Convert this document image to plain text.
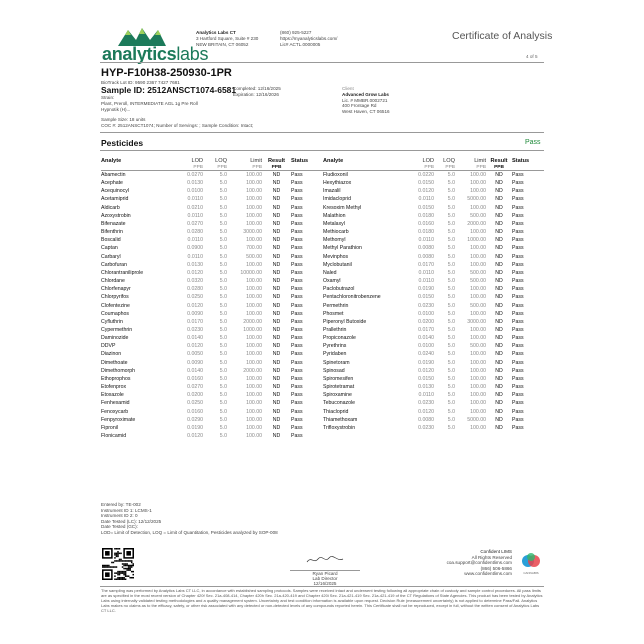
analyticslabs
Analytics Labs CT
3 Hartford Square, Suite # 230
NEW BRITAIN, CT 06052
(860) 925-5227
https://myanalyticslabs.com/
Lic# ACTL.0000005
Certificate of Analysis
4 of 5
HYP-F10H38-250930-1PR
BioTrack Lot ID: 9590 2367 7427 7681
Sample ID: 2512ANSCT1074-6581
Strain:
Plant, Preroll, INTERMEDIATE AGL 1g Pre Roll
Hypnotik (H)...
Completed: 12/16/2025
Expiration: 12/16/2026
Client
Advanced Grow Labs
Lic. # MMBR.0002721
400 Frontage Rd
West Haven, CT 06516
Sample Size: 18 units
COC #: 2512ANSCT1074; Number of Servings: ; Sample Condition: Intact;
Pesticides	Pass
Analyte	LOD	LOQ	Limit	Result	Status
	PPB	PPB	PPB	PPB	
Abamectin	0.0270	5.0	100.00	ND	Pass
Acephate	0.0130	5.0	100.00	ND	Pass
Acequinocyl	0.0100	5.0	100.00	ND	Pass
Acetamiprid	0.0110	5.0	100.00	ND	Pass
Aldicarb	0.0210	5.0	100.00	ND	Pass
Azoxystrobin	0.0110	5.0	100.00	ND	Pass
Bifenazate	0.0270	5.0	100.00	ND	Pass
Bifenthrin	0.0280	5.0	3000.00	ND	Pass
Boscalid	0.0110	5.0	100.00	ND	Pass
Captan	0.0900	5.0	700.00	ND	Pass
Carbaryl	0.0110	5.0	500.00	ND	Pass
Carbofuran	0.0130	5.0	100.00	ND	Pass
Chlorantraniliprole	0.0120	5.0	10000.00	ND	Pass
Chlordane	0.0320	5.0	100.00	ND	Pass
Chlorfenapyr	0.0280	5.0	100.00	ND	Pass
Chlorpyrifos	0.0250	5.0	100.00	ND	Pass
Clofentezine	0.0120	5.0	100.00	ND	Pass
Coumaphos	0.0090	5.0	100.00	ND	Pass
Cyfluthrin	0.0170	5.0	2000.00	ND	Pass
Cypermethrin	0.0230	5.0	1000.00	ND	Pass
Daminozide	0.0140	5.0	100.00	ND	Pass
DDVP	0.0120	5.0	100.00	ND	Pass
Diazinon	0.0050	5.0	100.00	ND	Pass
Dimethoate	0.0090	5.0	100.00	ND	Pass
Dimethomorph	0.0140	5.0	2000.00	ND	Pass
Ethoprophos	0.0160	5.0	100.00	ND	Pass
Etofenprox	0.0270	5.0	100.00	ND	Pass
Etoxazole	0.0200	5.0	100.00	ND	Pass
Fenhexamid	0.0250	5.0	100.00	ND	Pass
Fenoxycarb	0.0160	5.0	100.00	ND	Pass
Fenpyroximate	0.0290	5.0	100.00	ND	Pass
Fipronil	0.0190	5.0	100.00	ND	Pass
Flonicamid	0.0120	5.0	100.00	ND	Pass
Analyte	LOD	LOQ	Limit	Result	Status
	PPB	PPB	PPB	PPB	
Fludioxonil	0.0220	5.0	100.00	ND	Pass
Hexythiazox	0.0150	5.0	100.00	ND	Pass
Imazalil	0.0120	5.0	100.00	ND	Pass
Imidacloprid	0.0110	5.0	5000.00	ND	Pass
Kresoxim Methyl	0.0150	5.0	100.00	ND	Pass
Malathion	0.0180	5.0	500.00	ND	Pass
Metalaxyl	0.0160	5.0	2000.00	ND	Pass
Methiocarb	0.0180	5.0	100.00	ND	Pass
Methomyl	0.0110	5.0	1000.00	ND	Pass
Methyl Parathion	0.0080	5.0	100.00	ND	Pass
Mevinphos	0.0080	5.0	100.00	ND	Pass
Myclobutanil	0.0170	5.0	100.00	ND	Pass
Naled	0.0110	5.0	500.00	ND	Pass
Oxamyl	0.0110	5.0	500.00	ND	Pass
Paclobutrazol	0.0190	5.0	100.00	ND	Pass
Pentachloronitrobenzene	0.0150	5.0	100.00	ND	Pass
Permethrin	0.0230	5.0	500.00	ND	Pass
Phosmet	0.0100	5.0	100.00	ND	Pass
Piperonyl Butoxide	0.0200	5.0	3000.00	ND	Pass
Prallethrin	0.0170	5.0	100.00	ND	Pass
Propiconazole	0.0140	5.0	100.00	ND	Pass
Pyrethrins	0.0100	5.0	500.00	ND	Pass
Pyridaben	0.0240	5.0	100.00	ND	Pass
Spinetoram	0.0190	5.0	100.00	ND	Pass
Spinosad	0.0120	5.0	100.00	ND	Pass
Spiromesifen	0.0150	5.0	100.00	ND	Pass
Spirotetramat	0.0130	5.0	100.00	ND	Pass
Spiroxamine	0.0110	5.0	100.00	ND	Pass
Tebuconazole	0.0230	5.0	100.00	ND	Pass
Thiacloprid	0.0120	5.0	100.00	ND	Pass
Thiamethoxam	0.0080	5.0	5000.00	ND	Pass
Trifloxystrobin	0.0230	5.0	100.00	ND	Pass
Entered by: TE-002
Instrument ID 1: LCMS-1
Instrument ID 2: 0
Date Tested (LC): 12/12/2025
Date Tested (GC):
LOD= Limit of Detection, LOQ = Limit of Quantitation, Pesticides analyzed by SOP-008
Ryan Picard
Lab Director
12/16/2025
Confident LIMS
All Rights Reserved
coa.support@confidentlims.com
(866) 506-5866
www.confidentlims.com	CANNABIS
The sampling was performed by Analytics Labs CT LLC, in accordance with established sampling protocols. Samples were received intact and underwent testing following all appropriate chain of custody and sample control procedures. All pass limits are as specified in the most recent version of Chapter 420f Sec. 21a-408-414, Chapter 420h Sec. 21a-420-419 and Chapter 420i Sec. 21a-421-419 Sec. 21a-421-419 of the CT Regulations of State Agencies. This product has been tested by Analytics Labs using internally validated testing methodologies and a quality management system. Uncertainty and test condition information is available upon request. Decision Rule (measurement uncertainty) is not applied to determine Pass/Fail. Analytics Labs makes no claims as to the efficacy, safety, or other risk associated with any detected or non-detected levels of any compounds reported herein. This Certificate shall not be reproduced, except in full, without the written consent of Analytics Labs CT LLC.
